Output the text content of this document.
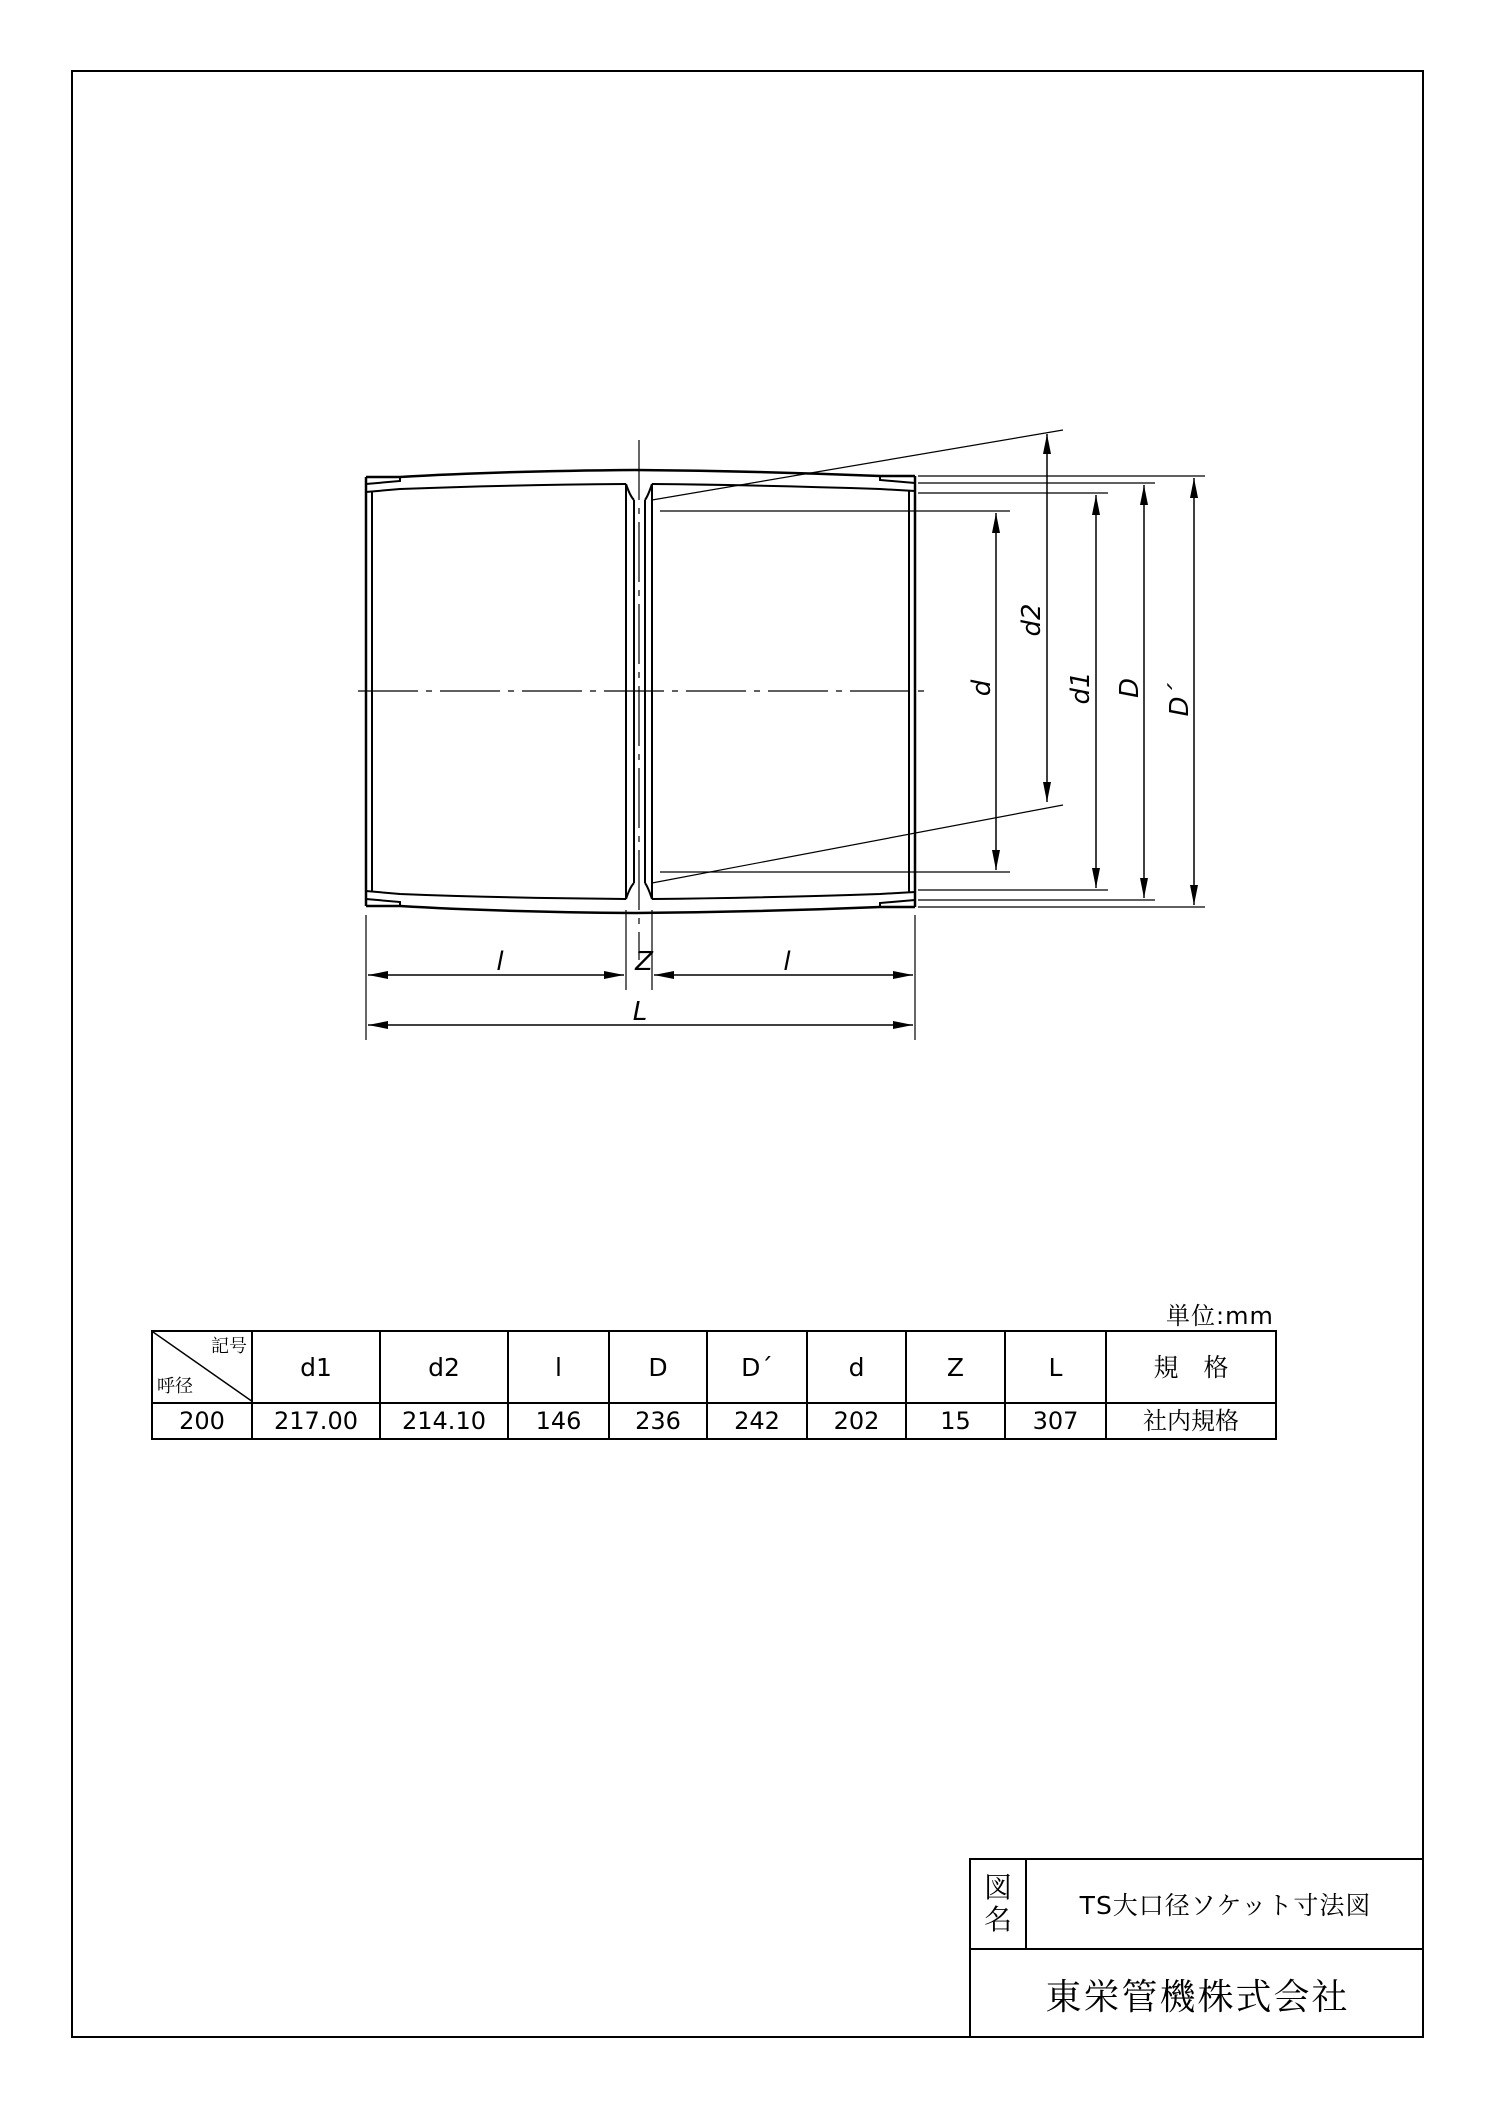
l	Z	l
L
d
d2
d1 D D´
単位:mm
記号
呼径	d1	d2	l	D	D´	d	Z	L	規　格
200	217.00	214.10	146	236	242	202	15	307	社内規格
図
名	TS大口径ソケット寸法図
東栄管機株式会社
